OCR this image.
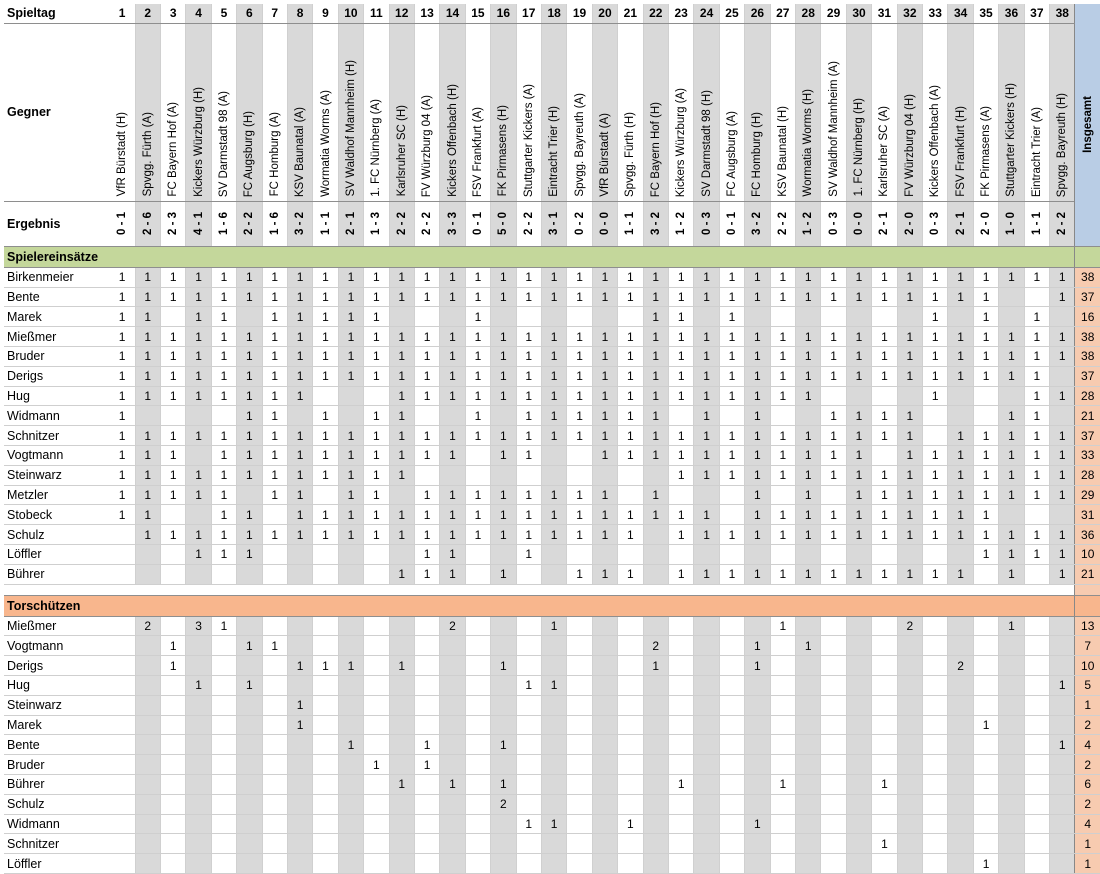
Spieltag	1	2	3	4	5	6	7	8	9	10	11	12	13	14	15	16	17	18	19	20	21	22	23	24	25	26	27	28	29	30	31	32	33	34	35	36	37	38	Insgesamt

Gegner	VfR Bürstadt (H)	Spvgg. Fürth (A)	FC Bayern Hof (A)	Kickers Würzburg (H)	SV Darmstadt 98 (A)	FC Augsburg (H)	FC Homburg (A)	KSV Baunatal (A)	Wormatia Worms (A)	SV Waldhof Mannheim (H)	1. FC Nürnberg (A)	Karlsruher SC (H)	FV Würzburg 04 (A)	Kickers Offenbach (H)	FSV Frankfurt (A)	FK Pirmasens (H)	Stuttgarter Kickers (A)	Eintracht Trier (H)	Spvgg. Bayreuth (A)	VfR Bürstadt (A)	Spvgg. Fürth (H)	FC Bayern Hof (H)	Kickers Würzburg (A)	SV Darmstadt 98 (H)	FC Augsburg (A)	FC Homburg (H)	KSV Baunatal (H)	Wormatia Worms (H)	SV Waldhof Mannheim (A)	1. FC Nürnberg (H)	Karlsruher SC (A)	FV Würzburg 04 (H)	Kickers Offenbach (A)	FSV Frankfurt (H)	FK Pirmasens (A)	Stuttgarter Kickers (H)	Eintracht Trier (A)	Spvgg. Bayreuth (H)	

Ergebnis	0 - 1	2 - 6	2 - 3	4 - 1	1 - 6	2 - 2	1 - 6	3 - 2	1 - 1	2 - 1	1 - 3	2 - 2	2 - 2	3 - 3	0 - 1	5 - 0	2 - 2	3 - 1	0 - 2	0 - 0	1 - 1	3 - 2	1 - 2	0 - 3	0 - 1	3 - 2	2 - 2	1 - 2	0 - 3	0 - 0	2 - 1	2 - 0	0 - 3	2 - 1	2 - 0	1 - 0	1 - 1	2 - 2	

Spielereinsätze																																							
Birkenmeier	1	1	1	1	1	1	1	1	1	1	1	1	1	1	1	1	1	1	1	1	1	1	1	1	1	1	1	1	1	1	1	1	1	1	1	1	1	1	38
Bente	1	1	1	1	1	1	1	1	1	1	1	1	1	1	1	1	1	1	1	1	1	1	1	1	1	1	1	1	1	1	1	1	1	1	1			1	37
Marek	1	1		1	1		1	1	1	1	1				1							1	1		1								1		1		1		16
Mießmer	1	1	1	1	1	1	1	1	1	1	1	1	1	1	1	1	1	1	1	1	1	1	1	1	1	1	1	1	1	1	1	1	1	1	1	1	1	1	38
Bruder	1	1	1	1	1	1	1	1	1	1	1	1	1	1	1	1	1	1	1	1	1	1	1	1	1	1	1	1	1	1	1	1	1	1	1	1	1	1	38
Derigs	1	1	1	1	1	1	1	1	1	1	1	1	1	1	1	1	1	1	1	1	1	1	1	1	1	1	1	1	1	1	1	1	1	1	1	1	1		37
Hug	1	1	1	1	1	1	1	1				1	1	1	1	1	1	1	1	1	1	1	1	1	1	1	1	1					1				1	1	28
Widmann	1					1	1		1		1	1			1		1	1	1	1	1	1		1		1			1	1	1	1				1	1		21
Schnitzer	1	1	1	1	1	1	1	1	1	1	1	1	1	1	1	1	1	1	1	1	1	1	1	1	1	1	1	1	1	1	1	1		1	1	1	1	1	37
Vogtmann	1	1	1		1	1	1	1	1	1	1	1	1	1		1	1			1	1	1	1	1	1	1	1	1	1	1		1	1	1	1	1	1	1	33
Steinwarz	1	1	1	1	1	1	1	1	1	1	1	1											1	1	1	1	1	1	1	1	1	1	1	1	1	1	1	1	28
Metzler	1	1	1	1	1		1	1		1	1		1	1	1	1	1	1	1	1		1				1		1		1	1	1	1	1	1	1	1	1	29
Stobeck	1	1			1	1		1	1	1	1	1	1	1	1	1	1	1	1	1	1	1	1	1		1	1	1	1	1	1	1	1	1	1				31
Schulz		1	1	1	1	1	1	1	1	1	1	1	1	1	1	1	1	1	1	1	1		1	1	1	1	1	1	1	1	1	1	1	1	1	1	1	1	36
Löffler				1	1	1							1	1			1																		1	1	1	1	10
Bührer												1	1	1		1			1	1	1		1	1	1	1	1	1	1	1	1	1	1	1		1		1	21

Torschützen																																							
Mießmer		2		3	1									2				1									1					2				1			13
Vogtmann			1			1	1															2				1		1											7
Derigs			1					1	1	1		1				1						1				1								2					10
Hug				1		1											1	1																				1	5
Steinwarz								1																															1
Marek								1																											1				2
Bente										1			1			1																						1	4
Bruder											1		1																										2
Bührer												1		1		1							1				1				1								6
Schulz																2																							2
Widmann																	1	1			1					1													4
Schnitzer																															1								1
Löffler																																			1				1
